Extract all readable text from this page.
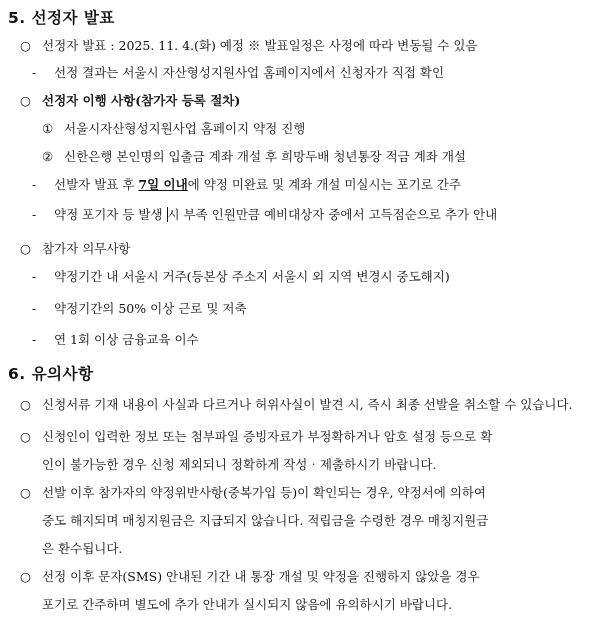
5. 선정자 발표
○ 선정자 발표 : 2025. 11. 4.(화) 예정 ※ 발표일정은 사정에 따라 변동될 수 있음
- 선정 결과는 서울시 자산형성지원사업 홈페이지에서 신청자가 직접 확인
○ 선정자 이행 사항(참가자 등록 절차)
① 서울시자산형성지원사업 홈페이지 약정 진행
② 신한은행 본인명의 입출금 계좌 개설 후 희망두배 청년통장 적금 계좌 개설
- 선발자 발표 후 7일 이내에 약정 미완료 및 계좌 개설 미실시는 포기로 간주
- 약정 포기자 등 발생 시 부족 인원만큼 예비대상자 중에서 고득점순으로 추가 안내
○ 참가자 의무사항
- 약정기간 내 서울시 거주(등본상 주소지 서울시 외 지역 변경시 중도해지)
- 약정기간의 50% 이상 근로 및 저축
- 연 1회 이상 금융교육 이수
6. 유의사항
○ 신청서류 기재 내용이 사실과 다르거나 허위사실이 발견 시, 즉시 최종 선발을 취소할 수 있습니다.
○ 신청인이 입력한 정보 또는 첨부파일 증빙자료가 부정확하거나 암호 설정 등으로 확
인이 불가능한 경우 신청 제외되니 정확하게 작성‧제출하시기 바랍니다.
○ 선발 이후 참가자의 약정위반사항(중복가입 등)이 확인되는 경우, 약정서에 의하여
중도 해지되며 매칭지원금은 지급되지 않습니다. 적립금을 수령한 경우 매칭지원금
은 환수됩니다.
○ 선정 이후 문자(SMS) 안내된 기간 내 통장 개설 및 약정을 진행하지 않았을 경우
포기로 간주하며 별도에 추가 안내가 실시되지 않음에 유의하시기 바랍니다.
